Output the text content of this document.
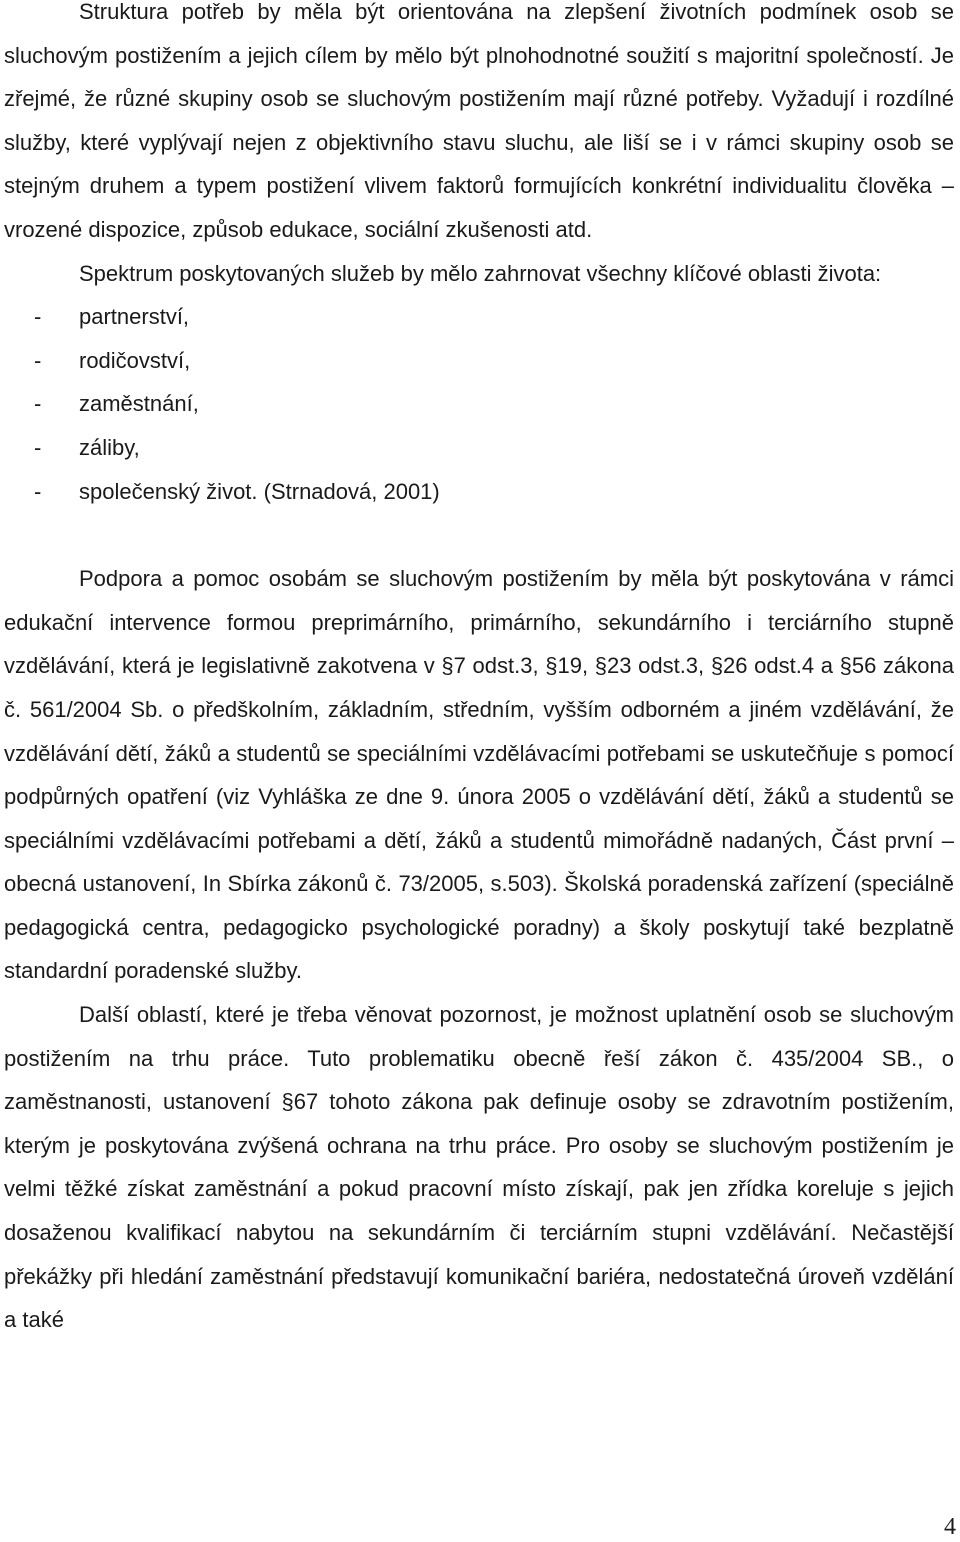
Struktura potřeb by měla být orientována na zlepšení životních podmínek osob se sluchovým postižením a jejich cílem by mělo být plnohodnotné soužití s majoritní společností. Je zřejmé, že různé skupiny osob se sluchovým postižením mají různé potřeby. Vyžadují i rozdílné služby, které vyplývají nejen z objektivního stavu sluchu, ale liší se i v rámci skupiny osob se stejným druhem a typem postižení vlivem faktorů formujících konkrétní individualitu člověka – vrozené dispozice, způsob edukace, sociální zkušenosti atd.

Spektrum poskytovaných služeb by mělo zahrnovat všechny klíčové oblasti života:

- partnerství,
- rodičovství,
- zaměstnání,
- záliby,
- společenský život. (Strnadová, 2001)

Podpora a pomoc osobám se sluchovým postižením by měla být poskytována v rámci edukační intervence formou preprimárního, primárního, sekundárního i terciárního stupně vzdělávání, která je legislativně zakotvena v §7 odst.3, §19, §23 odst.3, §26 odst.4 a §56 zákona č. 561/2004 Sb. o předškolním, základním, středním, vyšším odborném a jiném vzdělávání, že vzdělávání dětí, žáků a studentů se speciálními vzdělávacími potřebami se uskutečňuje s pomocí podpůrných opatření (viz Vyhláška ze dne 9. února 2005 o vzdělávání dětí, žáků a studentů se speciálními vzdělávacími potřebami a dětí, žáků a studentů mimořádně nadaných, Část první – obecná ustanovení, In Sbírka zákonů č. 73/2005, s.503). Školská poradenská zařízení (speciálně pedagogická centra, pedagogicko psychologické poradny) a školy poskytují také bezplatně standardní poradenské služby.

Další oblastí, které je třeba věnovat pozornost, je možnost uplatnění osob se sluchovým postižením na trhu práce. Tuto problematiku obecně řeší zákon č. 435/2004 SB., o zaměstnanosti, ustanovení §67 tohoto zákona pak definuje osoby se zdravotním postižením, kterým je poskytována zvýšená ochrana na trhu práce. Pro osoby se sluchovým postižením je velmi těžké získat zaměstnání a pokud pracovní místo získají, pak jen zřídka koreluje s jejich dosaženou kvalifikací nabytou na sekundárním či terciárním stupni vzdělávání. Nečastější překážky při hledání zaměstnání představují komunikační bariéra, nedostatečná úroveň vzdělání a také

4
